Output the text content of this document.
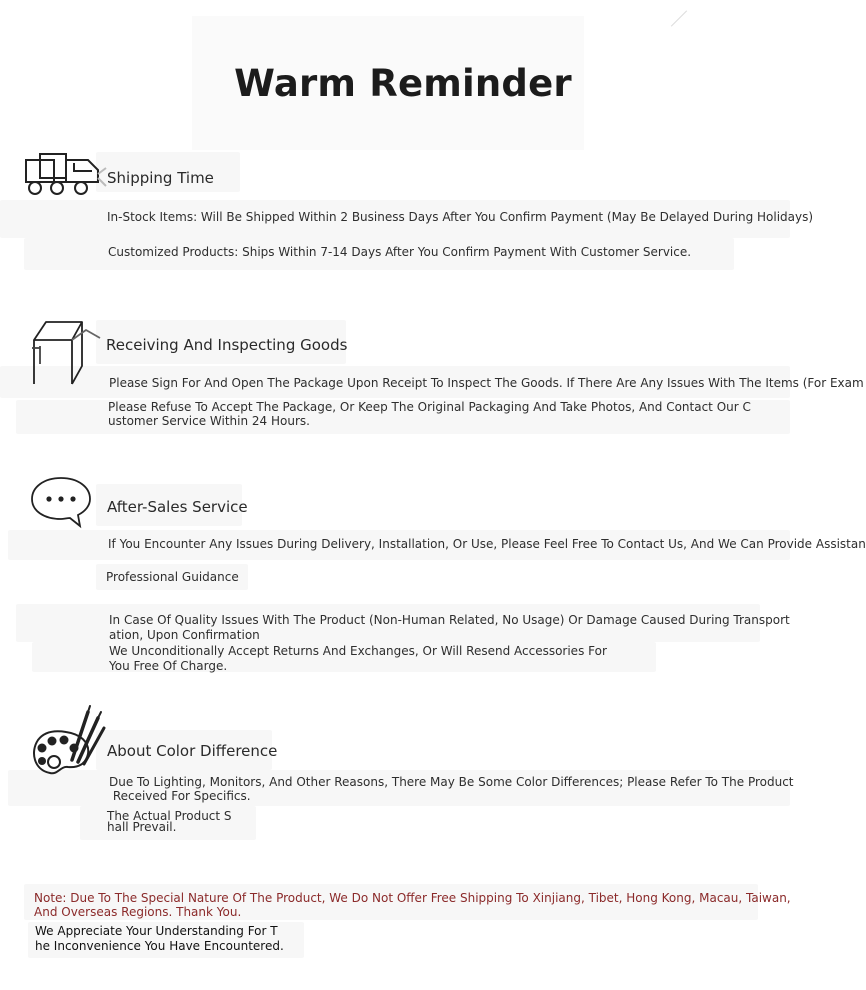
Warm Reminder
Shipping Time
In-Stock Items: Will Be Shipped Within 2 Business Days After You Confirm Payment (May Be Delayed During Holidays)
Customized Products: Ships Within 7-14 Days After You Confirm Payment With Customer Service.
Receiving And Inspecting Goods
Please Sign For And Open The Package Upon Receipt To Inspect The Goods. If There Are Any Issues With The Items (For Exam
Please Refuse To Accept The Package, Or Keep The Original Packaging And Take Photos, And Contact Our C
ustomer Service Within 24 Hours.
After-Sales Service
If You Encounter Any Issues During Delivery, Installation, Or Use, Please Feel Free To Contact Us, And We Can Provide Assistan
Professional Guidance
In Case Of Quality Issues With The Product (Non-Human Related, No Usage) Or Damage Caused During Transport
ation, Upon Confirmation
We Unconditionally Accept Returns And Exchanges, Or Will Resend Accessories For
You Free Of Charge.
About Color Difference
Due To Lighting, Monitors, And Other Reasons, There May Be Some Color Differences; Please Refer To The Product
Received For Specifics.
The Actual Product S
hall Prevail.
Note: Due To The Special Nature Of The Product, We Do Not Offer Free Shipping To Xinjiang, Tibet, Hong Kong, Macau, Taiwan,
And Overseas Regions. Thank You.
We Appreciate Your Understanding For T
he Inconvenience You Have Encountered.
